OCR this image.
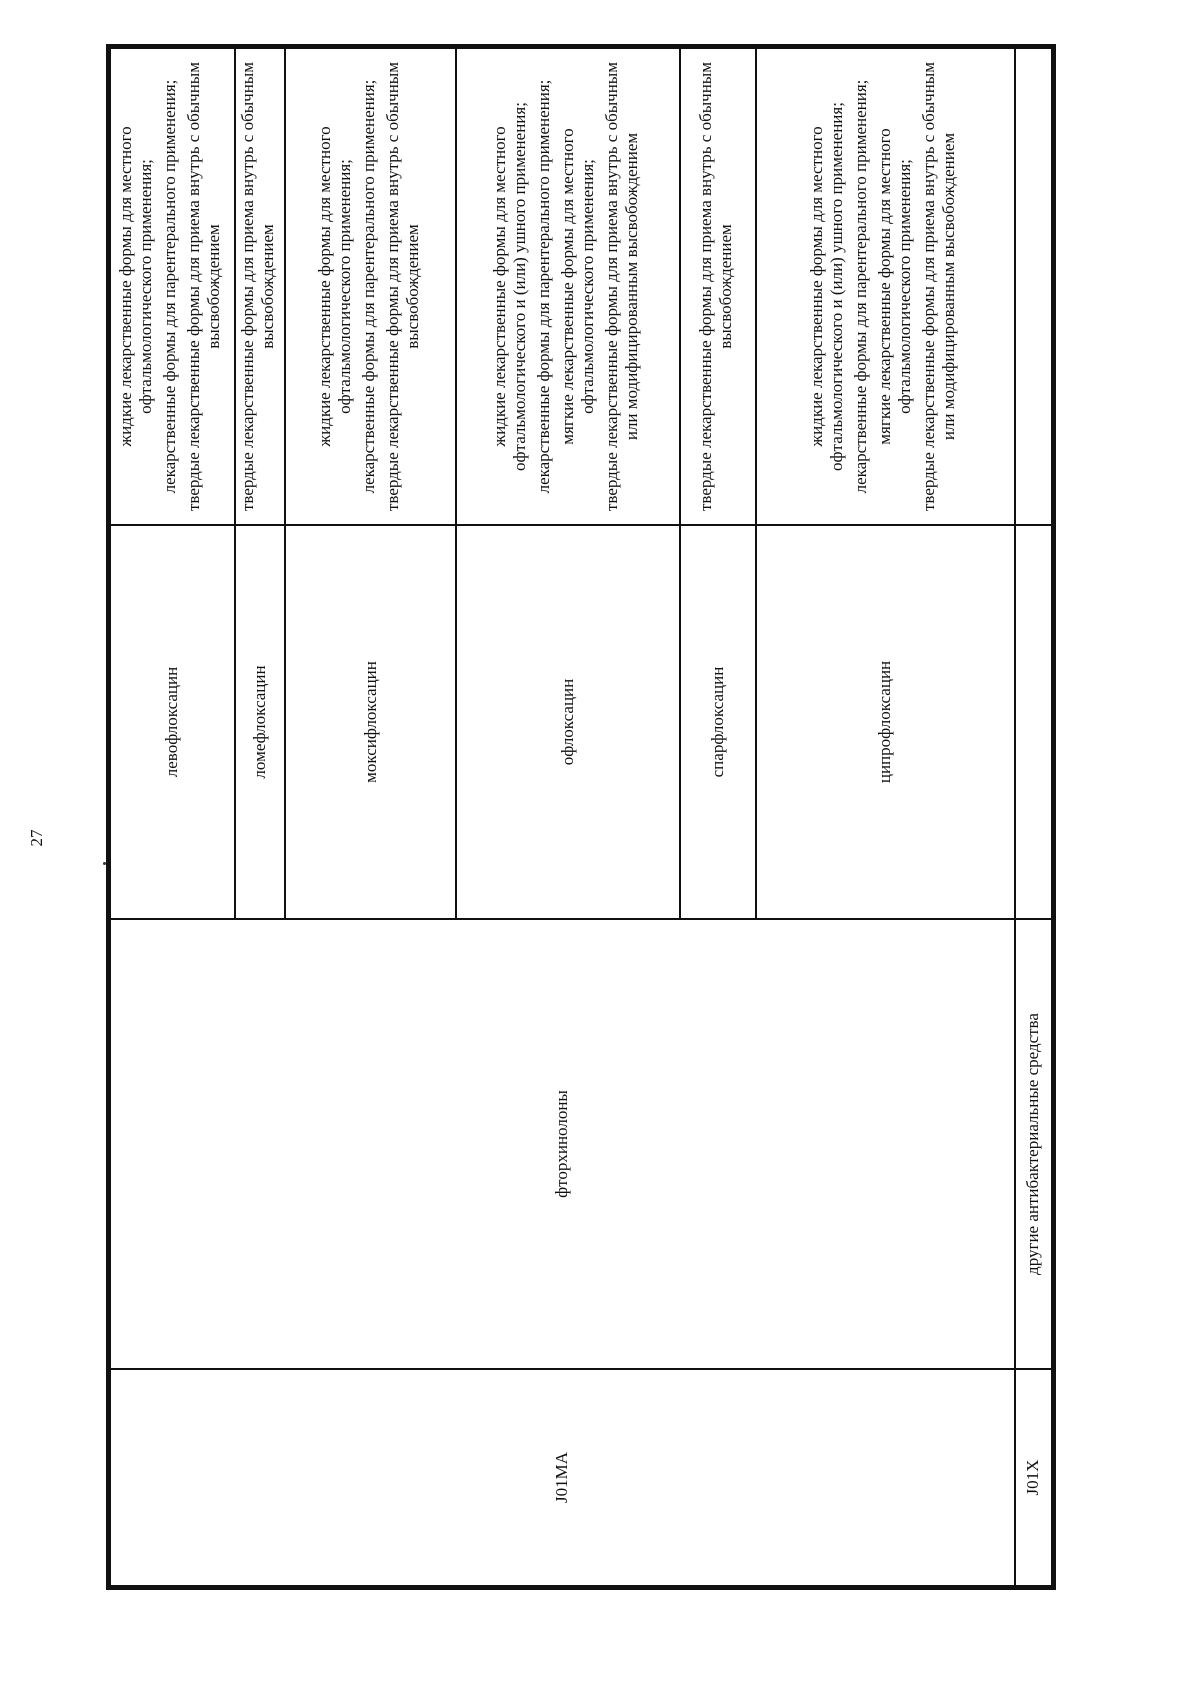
27
J01MA	фторхинолоны	левофлоксацин	жидкие лекарственные формы для местного офтальмологического применения; лекарственные формы для парентерального применения; твердые лекарственные формы для приема внутрь с обычным высвобождением

		ломефлоксацин	твердые лекарственные формы для приема внутрь с обычным высвобождением

		моксифлоксацин	жидкие лекарственные формы для местного офтальмологического применения; лекарственные формы для парентерального применения; твердые лекарственные формы для приема внутрь с обычным высвобождением

		офлоксацин	жидкие лекарственные формы для местного офтальмологического и (или) ушного применения; лекарственные формы для парентерального применения; мягкие лекарственные формы для местного офтальмологического применения; твердые лекарственные формы для приема внутрь с обычным или модифицированным высвобождением

		спарфлоксацин	твердые лекарственные формы для приема внутрь с обычным высвобождением

		ципрофлоксацин	жидкие лекарственные формы для местного офтальмологического и (или) ушного применения; лекарственные формы для парентерального применения; мягкие лекарственные формы для местного офтальмологического применения; твердые лекарственные формы для приема внутрь с обычным или модифицированным высвобождением

J01X	другие антибактериальные средства		
